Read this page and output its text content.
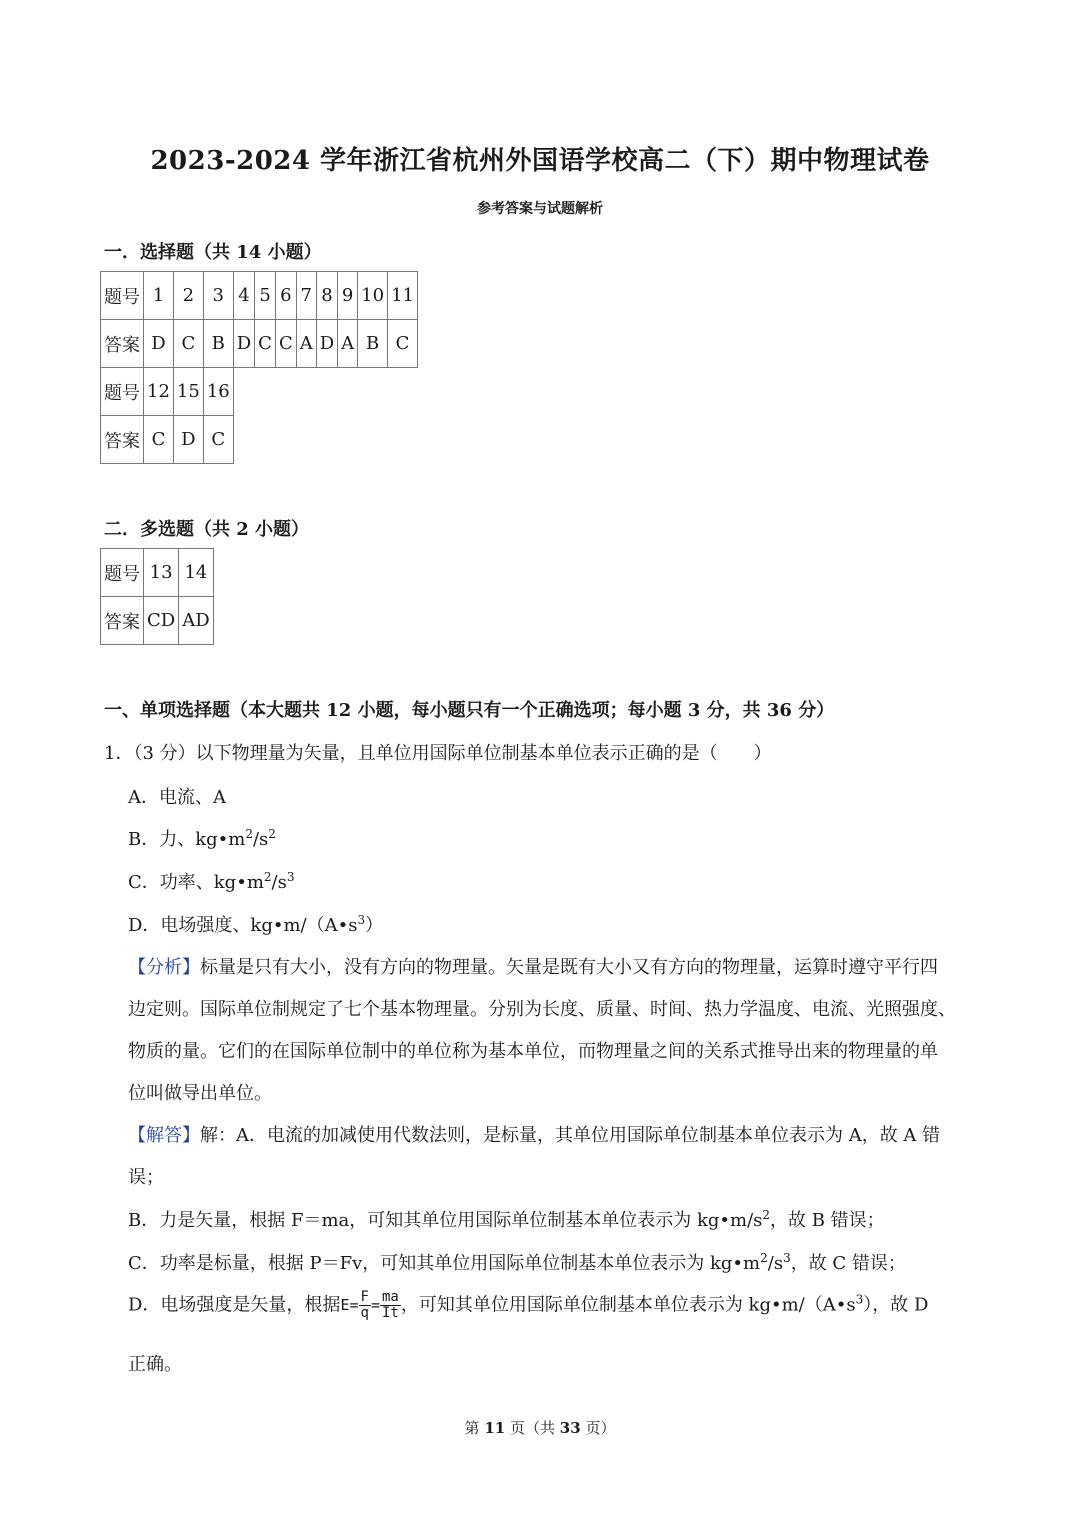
2023-2024 学年浙江省杭州外国语学校高二（下）期中物理试卷
参考答案与试题解析
一．选择题（共 14 小题）
题号	1	2	3	4	5	6	7	8	9	10	11
答案	D	C	B	D	C	C	A	D	A	B	C
题号	12	15	16								
答案	C	D	C								
二．多选题（共 2 小题）
题号	13	14
答案	CD	AD
一、单项选择题（本大题共 12 小题，每小题只有一个正确选项；每小题 3 分，共 36 分）
1．（3 分）以下物理量为矢量，且单位用国际单位制基本单位表示正确的是（　　）
A．电流、A
B．力、$kg•m^2/s^2$
C．功率、$kg•m^2/s^3$
D．电场强度、$kg•m/(A•s^3)$
【分析】标量是只有大小，没有方向的物理量。矢量是既有大小又有方向的物理量，运算时遵守平行四
边定则。国际单位制规定了七个基本物理量。分别为长度、质量、时间、热力学温度、电流、光照强度、
物质的量。它们的在国际单位制中的单位称为基本单位，而物理量之间的关系式推导出来的物理量的单
位叫做导出单位。
【解答】解：A．电流的加减使用代数法则，是标量，其单位用国际单位制基本单位表示为 A，故 A 错
误；
B．力是矢量，根据 F＝ma，可知其单位用国际单位制基本单位表示为 $kg•m/s^2$，故 B 错误；
C．功率是标量，根据 P＝Fv，可知其单位用国际单位制基本单位表示为 $kg•m^2/s^3$，故 C 错误；
D．电场强度是矢量，根据$E= \frac{F}{q} = \frac{ma}{It}$ ，可知其单位用国际单位制基本单位表示为 $kg•m/(A•s^3)$，故 D
正确。
第 11 页（共 33 页）
